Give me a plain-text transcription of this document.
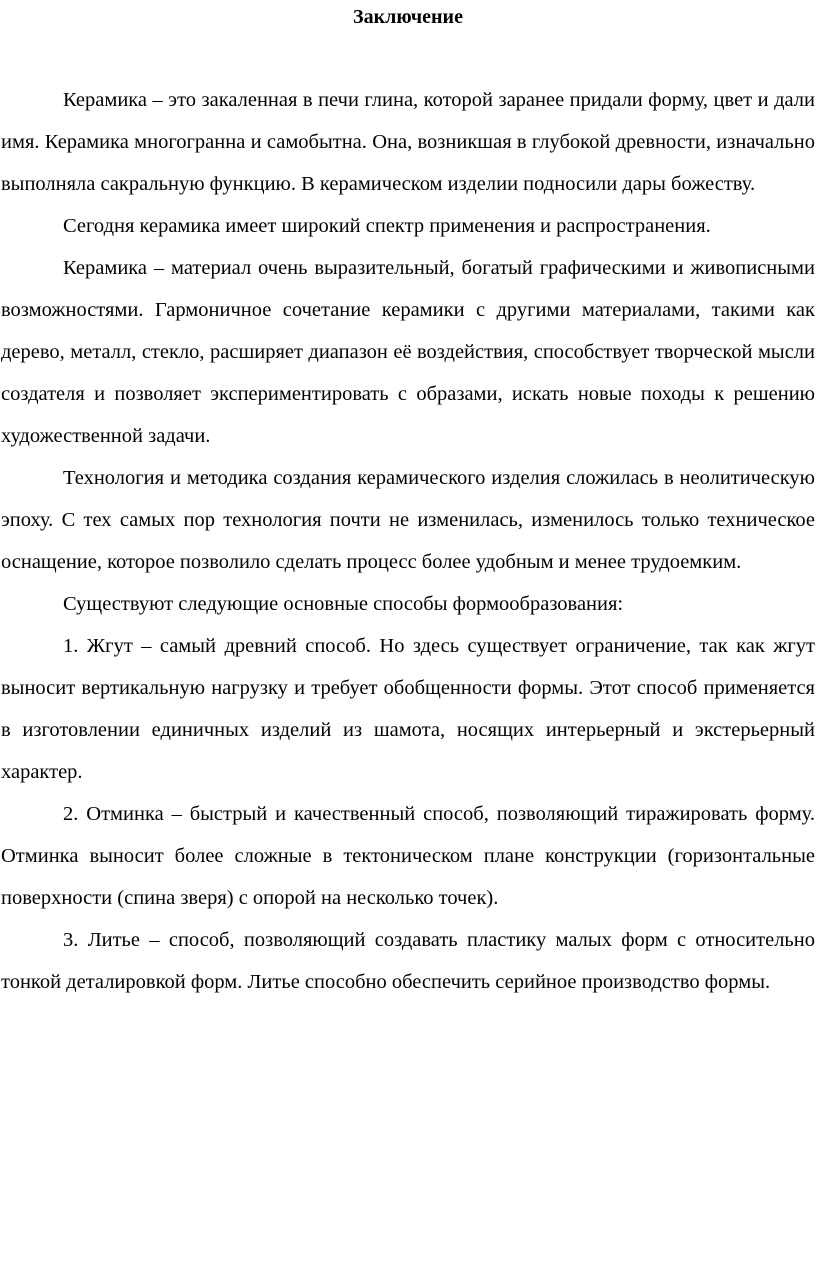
Заключение

Керамика – это закаленная в печи глина, которой заранее придали форму, цвет и дали имя. Керамика многогранна и самобытна. Она, возникшая в глубокой древности, изначально выполняла сакральную функцию. В керамическом изделии подносили дары божеству.

Сегодня керамика имеет широкий спектр применения и распространения.

Керамика – материал очень выразительный, богатый графическими и живописными возможностями. Гармоничное сочетание керамики с другими материалами, такими как дерево, металл, стекло, расширяет диапазон её воздействия, способствует творческой мысли создателя и позволяет экспериментировать с образами, искать новые походы к решению художественной задачи.

Технология и методика создания керамического изделия сложилась в неолитическую эпоху. С тех самых пор технология почти не изменилась, изменилось только техническое оснащение, которое позволило сделать процесс более удобным и менее трудоемким.

Существуют следующие основные способы формообразования:

1. Жгут – самый древний способ. Но здесь существует ограничение, так как жгут выносит вертикальную нагрузку и требует обобщенности формы. Этот способ применяется в изготовлении единичных изделий из шамота, носящих интерьерный и экстерьерный характер.

2. Отминка – быстрый и качественный способ, позволяющий тиражировать форму. Отминка выносит более сложные в тектоническом плане конструкции (горизонтальные поверхности (спина зверя) с опорой на несколько точек).

3. Литье – способ, позволяющий создавать пластику малых форм с относительно тонкой деталировкой форм. Литье способно обеспечить серийное производство формы.
